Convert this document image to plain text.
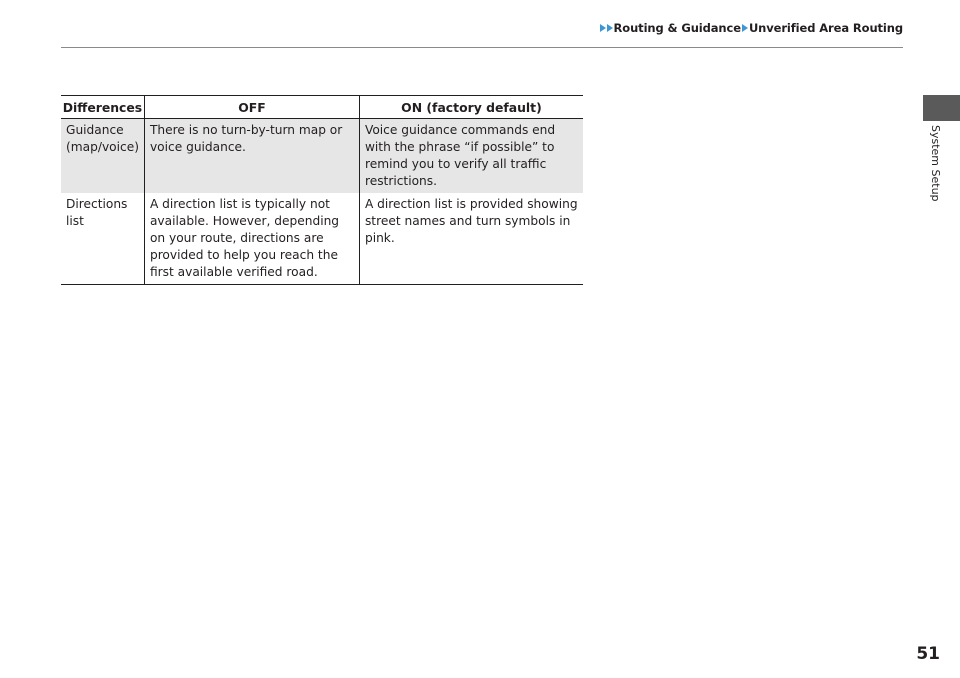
Routing & Guidance Unverified Area Routing
System Setup
Differences	OFF	ON (factory default)
Guidance (map/voice)	There is no turn-by-turn map or voice guidance.	Voice guidance commands end with the phrase “if possible” to remind you to verify all traffic restrictions.
Directions list	A direction list is typically not available. However, depending on your route, directions are provided to help you reach the first available verified road.	A direction list is provided showing street names and turn symbols in pink.
51
